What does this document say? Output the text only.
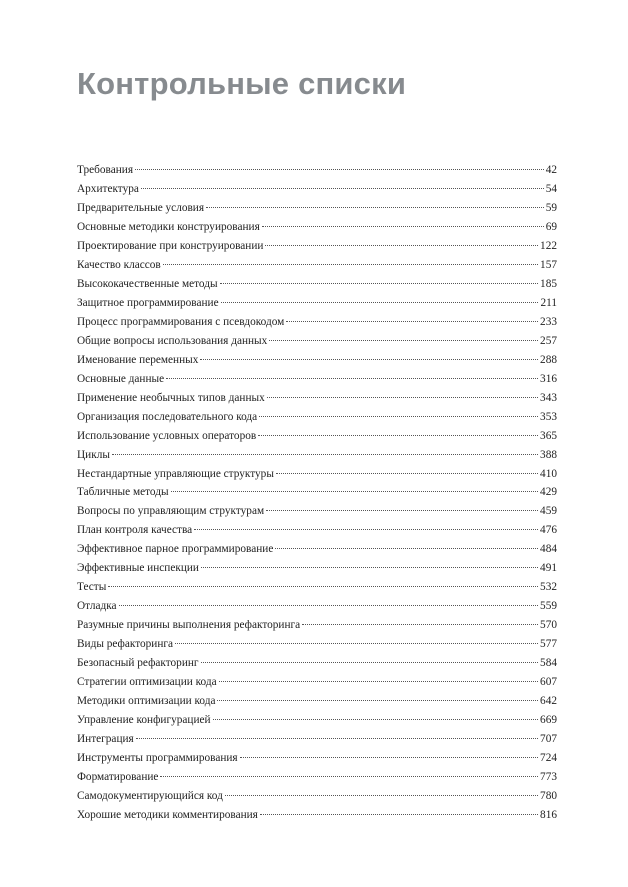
Контрольные списки
Требования	42
Архитектура	54
Предварительные условия	59
Основные методики конструирования	69
Проектирование при конструировании	122
Качество классов	157
Высококачественные методы	185
Защитное программирование	211
Процесс программирования с псевдокодом	233
Общие вопросы использования данных	257
Именование переменных	288
Основные данные	316
Применение необычных типов данных	343
Организация последовательного кода	353
Использование условных операторов	365
Циклы	388
Нестандартные управляющие структуры	410
Табличные методы	429
Вопросы по управляющим структурам	459
План контроля качества	476
Эффективное парное программирование	484
Эффективные инспекции	491
Тесты	532
Отладка	559
Разумные причины выполнения рефакторинга	570
Виды рефакторинга	577
Безопасный рефакторинг	584
Стратегии оптимизации кода	607
Методики оптимизации кода	642
Управление конфигурацией	669
Интеграция	707
Инструменты программирования	724
Форматирование	773
Самодокументирующийся код	780
Хорошие методики комментирования	816
